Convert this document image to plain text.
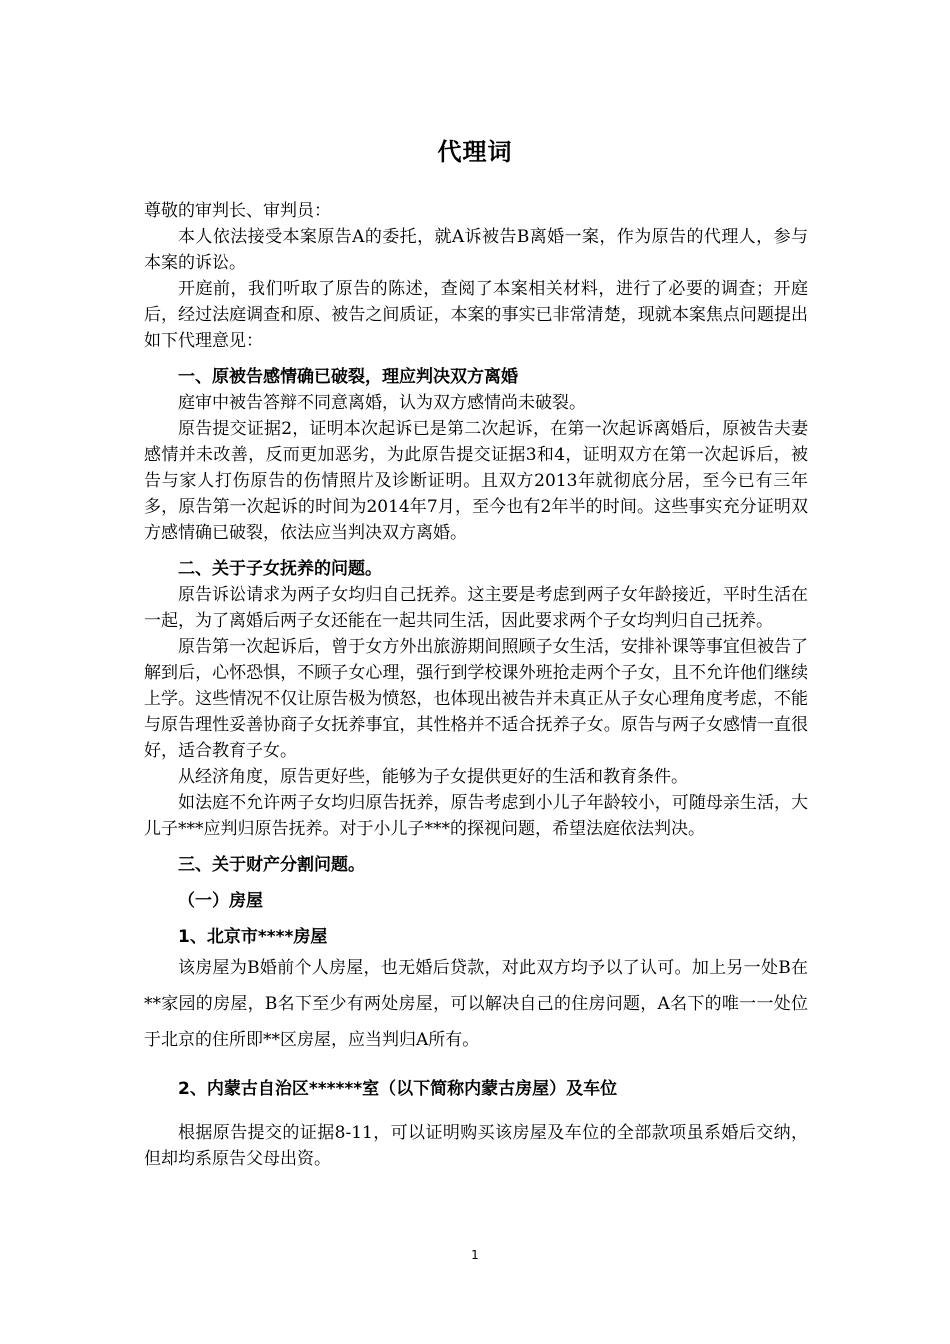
代理词

尊敬的审判长、审判员：

本人依法接受本案原告A的委托，就A诉被告B离婚一案，作为原告的代理人，参与本案的诉讼。

开庭前，我们听取了原告的陈述，查阅了本案相关材料，进行了必要的调查；开庭后，经过法庭调查和原、被告之间质证，本案的事实已非常清楚，现就本案焦点问题提出如下代理意见：

一、原被告感情确已破裂，理应判决双方离婚

庭审中被告答辩不同意离婚，认为双方感情尚未破裂。

原告提交证据2，证明本次起诉已是第二次起诉，在第一次起诉离婚后，原被告夫妻感情并未改善，反而更加恶劣，为此原告提交证据3和4，证明双方在第一次起诉后，被告与家人打伤原告的伤情照片及诊断证明。且双方2013年就彻底分居，至今已有三年多，原告第一次起诉的时间为2014年7月，至今也有2年半的时间。这些事实充分证明双方感情确已破裂，依法应当判决双方离婚。

二、关于子女抚养的问题。

原告诉讼请求为两子女均归自己抚养。这主要是考虑到两子女年龄接近，平时生活在一起，为了离婚后两子女还能在一起共同生活，因此要求两个子女均判归自己抚养。

原告第一次起诉后，曾于女方外出旅游期间照顾子女生活，安排补课等事宜但被告了解到后，心怀恐惧，不顾子女心理，强行到学校课外班抢走两个子女，且不允许他们继续上学。这些情况不仅让原告极为愤怒，也体现出被告并未真正从子女心理角度考虑，不能与原告理性妥善协商子女抚养事宜，其性格并不适合抚养子女。原告与两子女感情一直很好，适合教育子女。

从经济角度，原告更好些，能够为子女提供更好的生活和教育条件。

如法庭不允许两子女均归原告抚养，原告考虑到小儿子年龄较小，可随母亲生活，大儿子***应判归原告抚养。对于小儿子***的探视问题，希望法庭依法判决。

三、关于财产分割问题。

（一）房屋

1、北京市****房屋

该房屋为B婚前个人房屋，也无婚后贷款，对此双方均予以了认可。加上另一处B在**家园的房屋，B名下至少有两处房屋，可以解决自己的住房问题，A名下的唯一一处位于北京的住所即**区房屋，应当判归A所有。

2、内蒙古自治区******室（以下简称内蒙古房屋）及车位

根据原告提交的证据8-11，可以证明购买该房屋及车位的全部款项虽系婚后交纳，但却均系原告父母出资。

1
